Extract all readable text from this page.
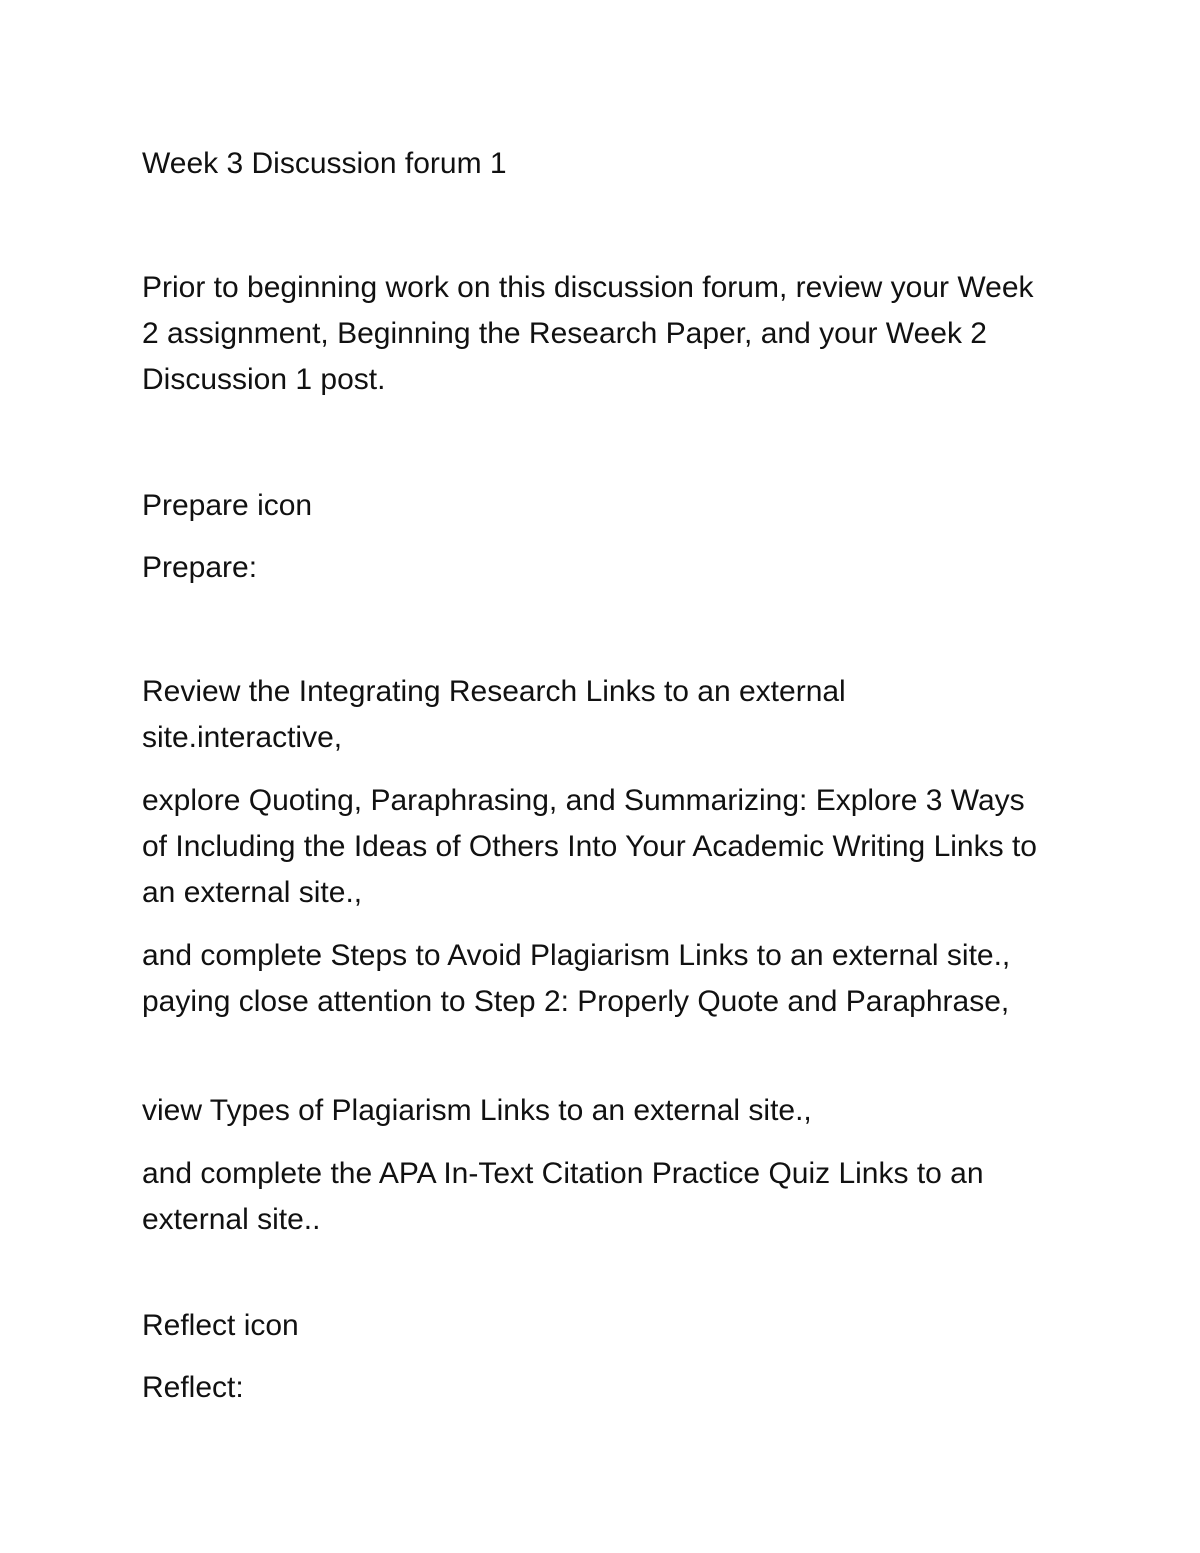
Week 3 Discussion forum 1

Prior to beginning work on this discussion forum, review your Week 2 assignment, Beginning the Research Paper, and your Week 2 Discussion 1 post.

Prepare icon

Prepare:

Review the Integrating Research Links to an external site.interactive,

explore Quoting, Paraphrasing, and Summarizing: Explore 3 Ways of Including the Ideas of Others Into Your Academic Writing Links to an external site.,

and complete Steps to Avoid Plagiarism Links to an external site., paying close attention to Step 2: Properly Quote and Paraphrase,

view Types of Plagiarism Links to an external site.,

and complete the APA In-Text Citation Practice Quiz Links to an external site..

Reflect icon

Reflect:
